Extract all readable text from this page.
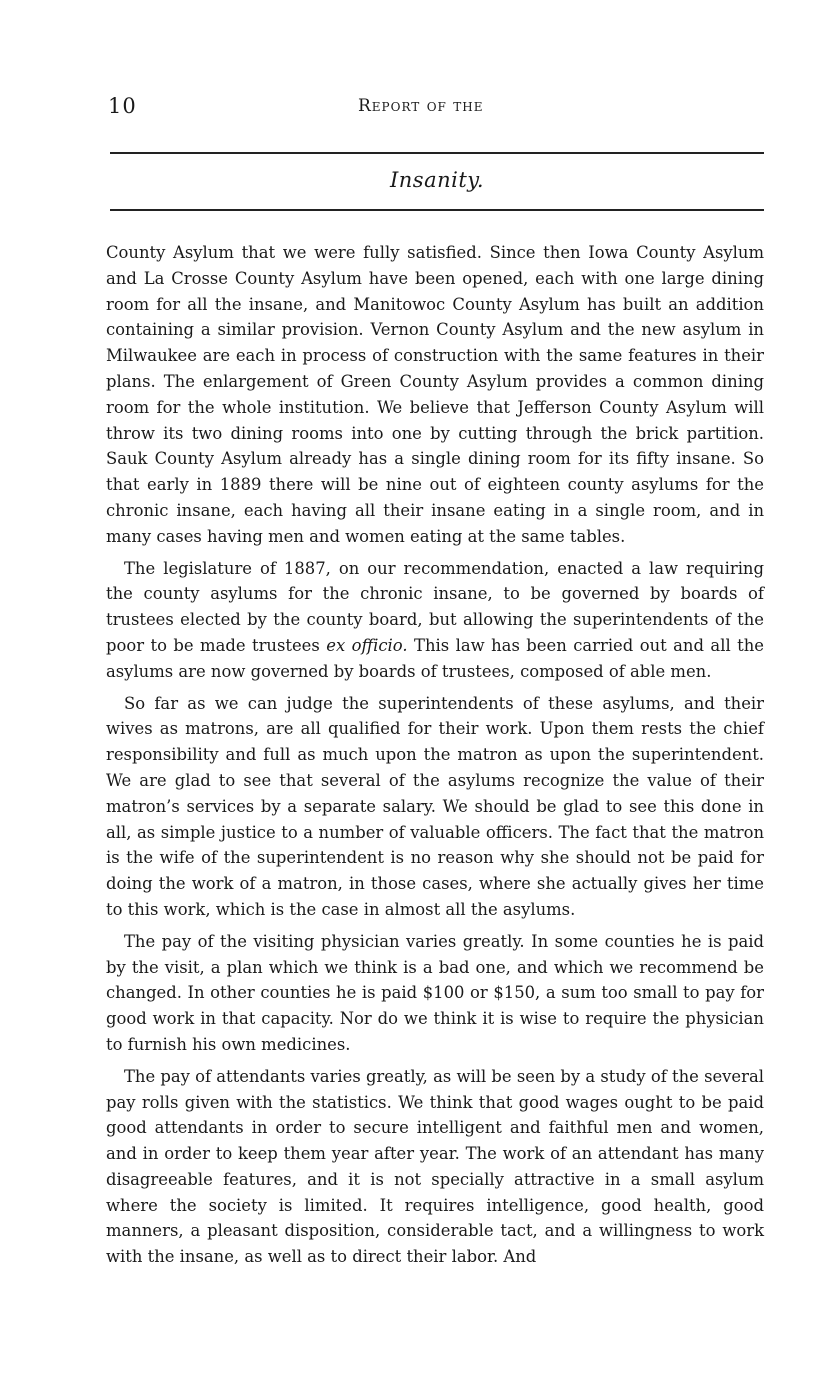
10	Report of the
Insanity.

County Asylum that we were fully satisfied. Since then Iowa County Asylum and La Crosse County Asylum have been opened, each with one large dining room for all the insane, and Manitowoc County Asylum has built an addition containing a similar provision. Vernon County Asylum and the new asylum in Milwaukee are each in process of construction with the same features in their plans. The enlargement of Green County Asylum provides a common dining room for the whole institution. We believe that Jefferson County Asylum will throw its two dining rooms into one by cutting through the brick partition. Sauk County Asylum already has a single dining room for its fifty insane. So that early in 1889 there will be nine out of eighteen county asylums for the chronic insane, each having all their insane eating in a single room, and in many cases having men and women eating at the same tables.

The legislature of 1887, on our recommendation, enacted a law requiring the county asylums for the chronic insane, to be governed by boards of trustees elected by the county board, but allowing the superintendents of the poor to be made trustees ex officio. This law has been carried out and all the asylums are now governed by boards of trustees, composed of able men.

So far as we can judge the superintendents of these asylums, and their wives as matrons, are all qualified for their work. Upon them rests the chief responsibility and full as much upon the matron as upon the superintendent. We are glad to see that several of the asylums recognize the value of their matron’s services by a separate salary. We should be glad to see this done in all, as simple justice to a number of valuable officers. The fact that the matron is the wife of the superintendent is no reason why she should not be paid for doing the work of a matron, in those cases, where she actually gives her time to this work, which is the case in almost all the asylums.

The pay of the visiting physician varies greatly. In some counties he is paid by the visit, a plan which we think is a bad one, and which we recommend be changed. In other counties he is paid $100 or $150, a sum too small to pay for good work in that capacity. Nor do we think it is wise to require the physician to furnish his own medicines.

The pay of attendants varies greatly, as will be seen by a study of the several pay rolls given with the statistics. We think that good wages ought to be paid good attendants in order to secure intelligent and faithful men and women, and in order to keep them year after year. The work of an attendant has many disagreeable features, and it is not specially attractive in a small asylum where the society is limited. It requires intelligence, good health, good manners, a pleasant disposition, considerable tact, and a willingness to work with the insane, as well as to direct their labor. And
